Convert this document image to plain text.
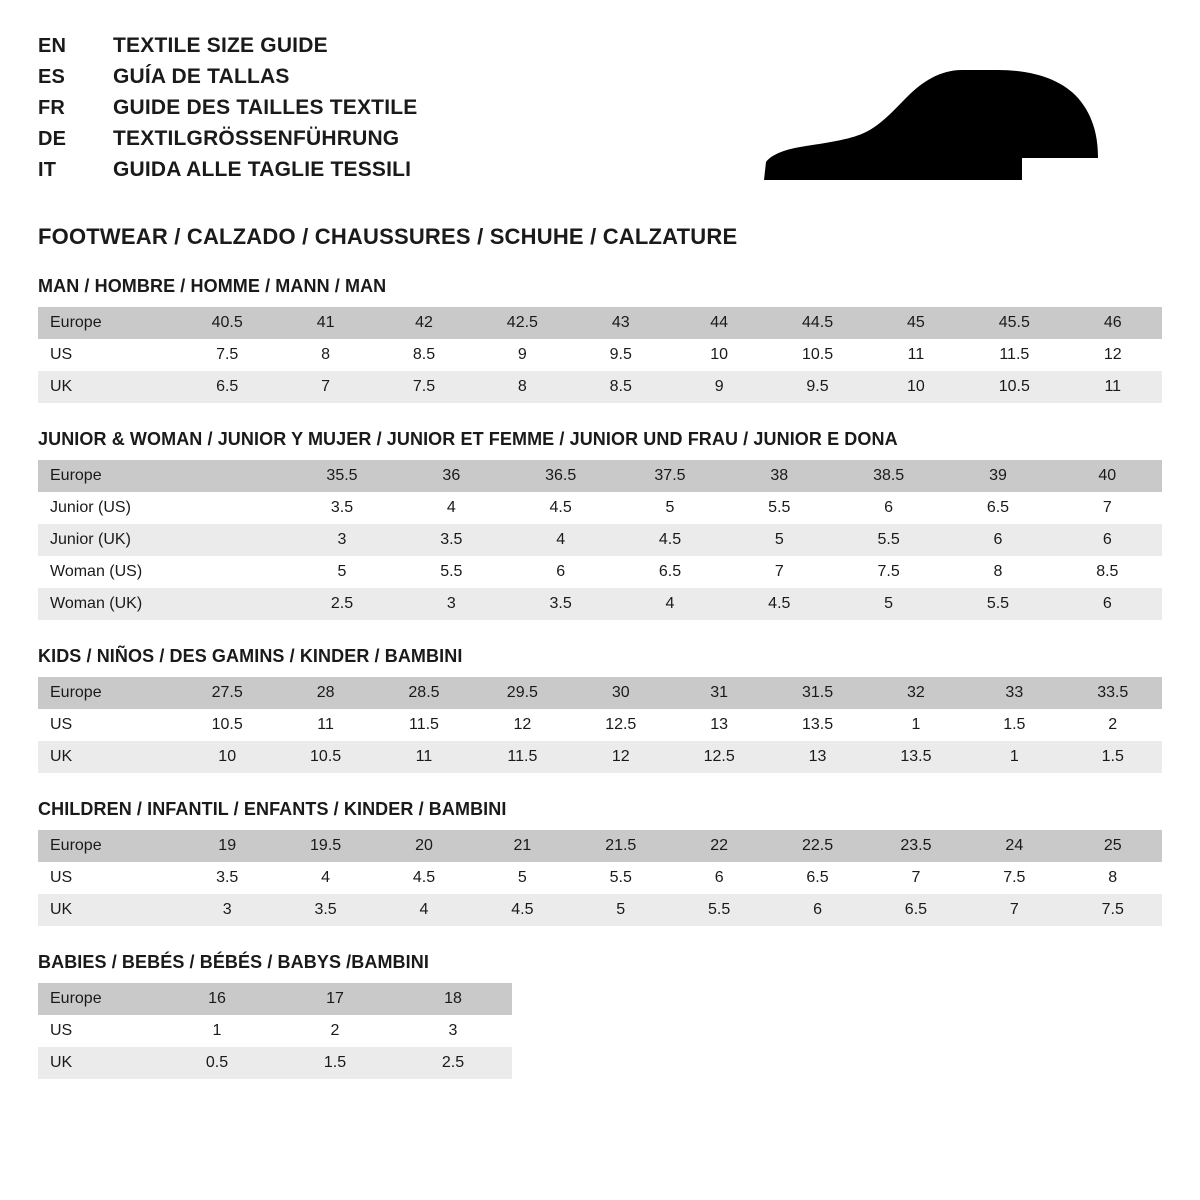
EN	TEXTILE SIZE GUIDE
ES	GUÍA DE TALLAS
FR	GUIDE DES TAILLES TEXTILE
DE	TEXTILGRÖSSENFÜHRUNG
IT	GUIDA ALLE TAGLIE TESSILI
FOOTWEAR / CALZADO / CHAUSSURES / SCHUHE / CALZATURE
MAN / HOMBRE / HOMME / MANN / MAN
Europe	40.5	41	42	42.5	43	44	44.5	45	45.5	46
US	7.5	8	8.5	9	9.5	10	10.5	11	11.5	12
UK	6.5	7	7.5	8	8.5	9	9.5	10	10.5	11
JUNIOR & WOMAN / JUNIOR Y MUJER / JUNIOR ET FEMME / JUNIOR UND FRAU / JUNIOR E DONA
Europe		35.5	36	36.5	37.5	38	38.5	39	40
Junior (US)		3.5	4	4.5	5	5.5	6	6.5	7
Junior (UK)		3	3.5	4	4.5	5	5.5	6	6
Woman (US)		5	5.5	6	6.5	7	7.5	8	8.5
Woman (UK)		2.5	3	3.5	4	4.5	5	5.5	6
KIDS / NIÑOS / DES GAMINS / KINDER / BAMBINI
Europe	27.5	28	28.5	29.5	30	31	31.5	32	33	33.5
US	10.5	11	11.5	12	12.5	13	13.5	1	1.5	2
UK	10	10.5	11	11.5	12	12.5	13	13.5	1	1.5
CHILDREN / INFANTIL / ENFANTS / KINDER / BAMBINI
Europe	19	19.5	20	21	21.5	22	22.5	23.5	24	25
US	3.5	4	4.5	5	5.5	6	6.5	7	7.5	8
UK	3	3.5	4	4.5	5	5.5	6	6.5	7	7.5
BABIES / BEBÉS / BÉBÉS / BABYS /BAMBINI
Europe	16	17	18
US	1	2	3
UK	0.5	1.5	2.5
